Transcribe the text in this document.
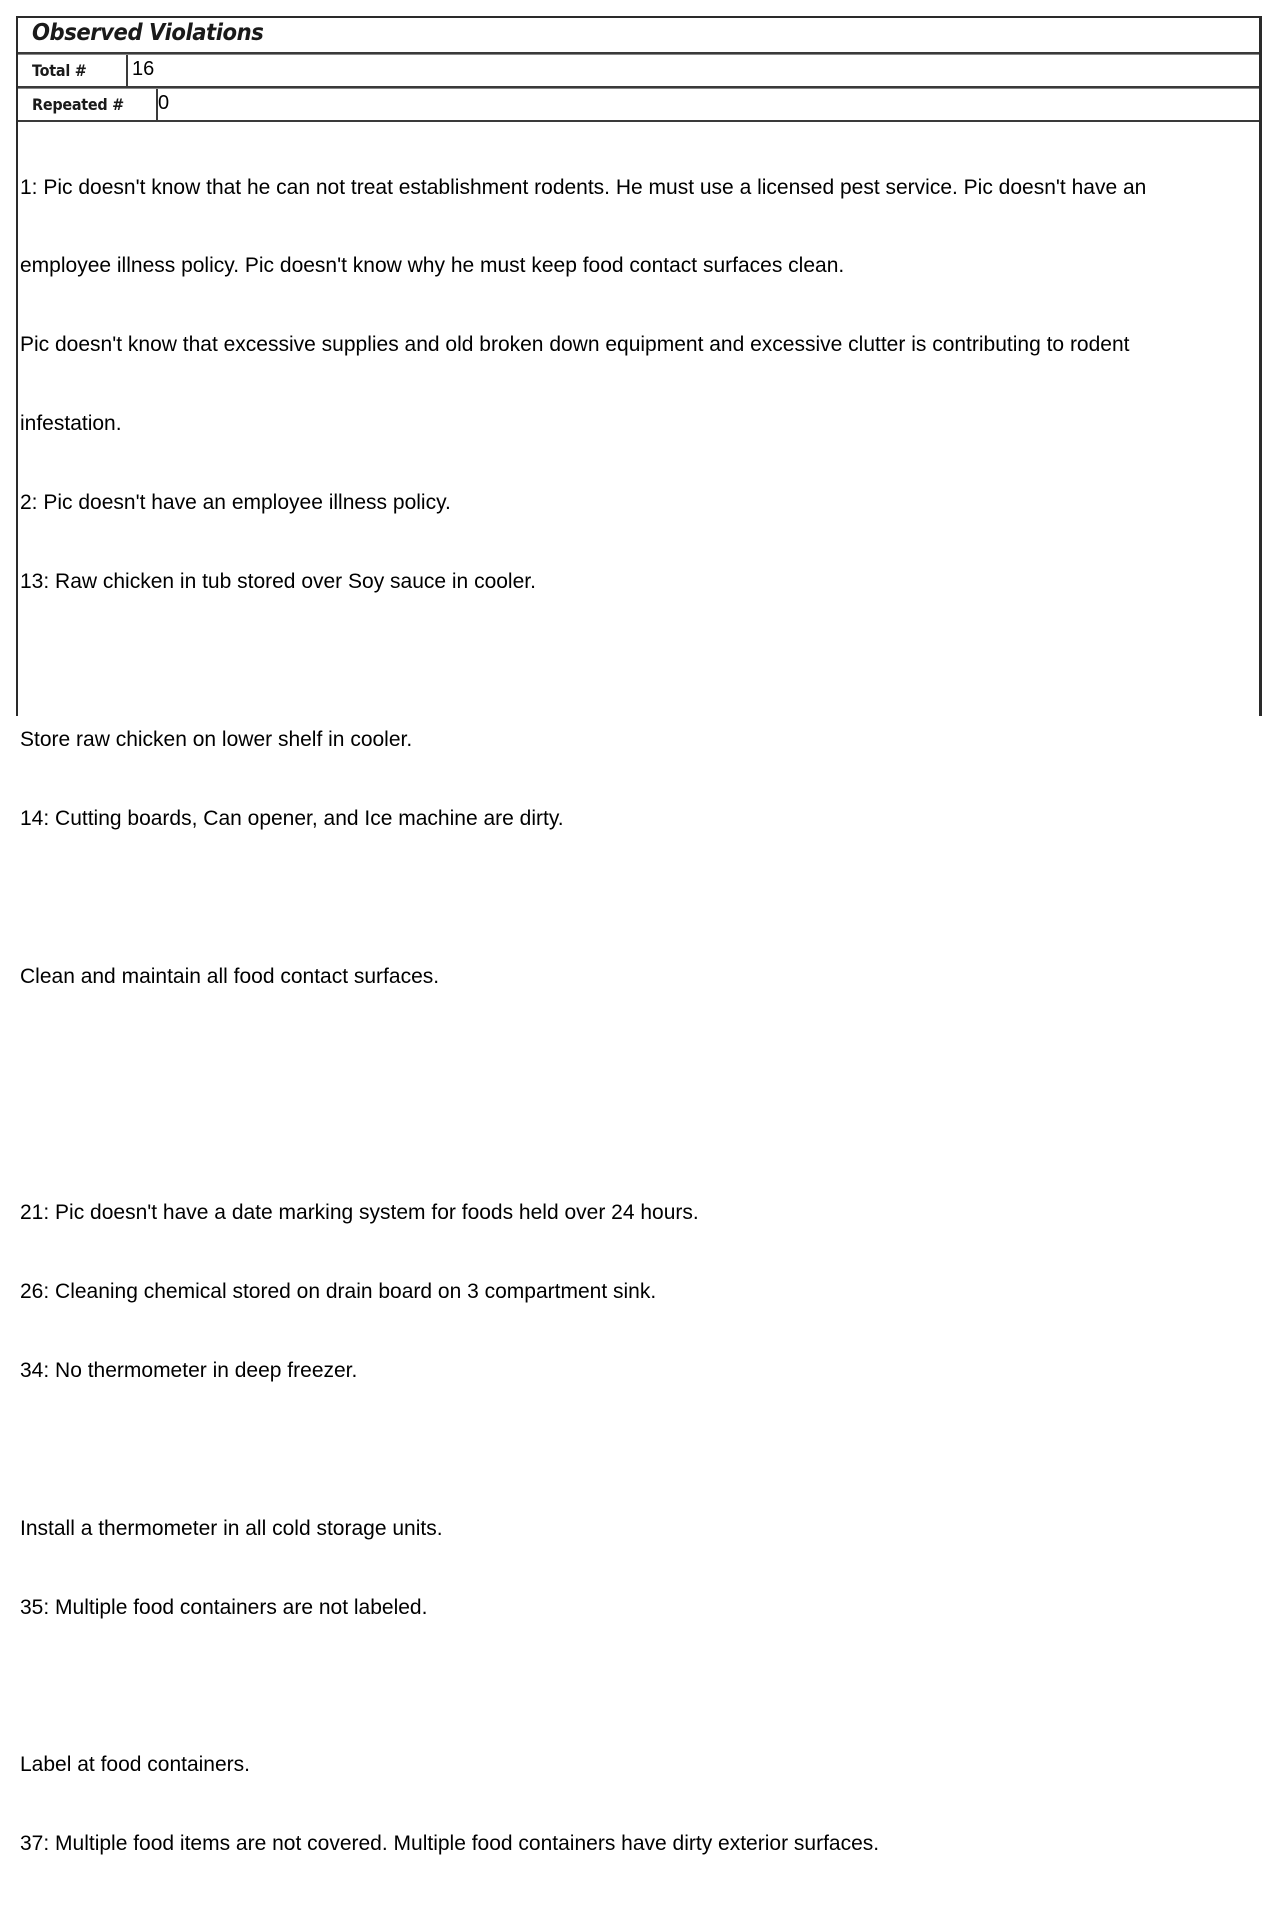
Observed Violations
Total # 16
Repeated # 0

1: Pic doesn't know that he can not treat establishment rodents. He must use a licensed pest service. Pic doesn't have an

employee illness policy. Pic doesn't know why he must keep food contact surfaces clean.

Pic doesn't know that excessive supplies and old broken down equipment and excessive clutter is contributing to rodent

infestation.

2: Pic doesn't have an employee illness policy.

13: Raw chicken in tub stored over Soy sauce in cooler.

Store raw chicken on lower shelf in cooler.

14: Cutting boards, Can opener, and Ice machine are dirty.

Clean and maintain all food contact surfaces.

21: Pic doesn't have a date marking system for foods held over 24 hours.

26: Cleaning chemical stored on drain board on 3 compartment sink.

34: No thermometer in deep freezer.

Install a thermometer in all cold storage units.

35: Multiple food containers are not labeled.

Label at food containers.

37: Multiple food items are not covered. Multiple food containers have dirty exterior surfaces.
